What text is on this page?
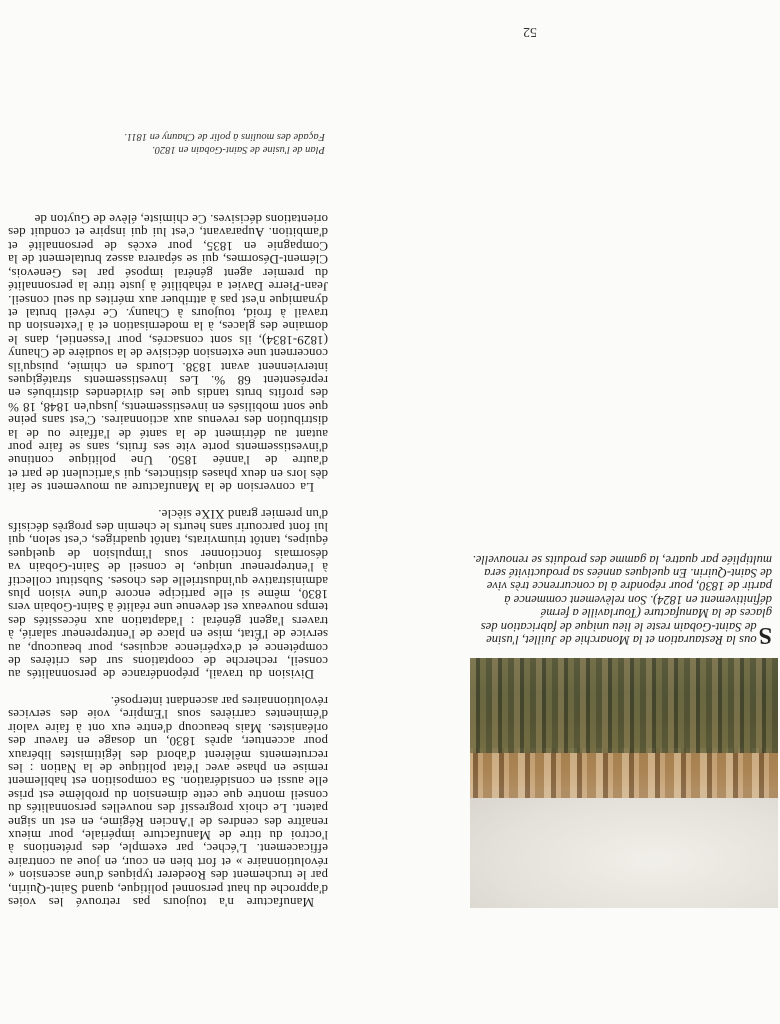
52

Manufacture n'a toujours pas retrouvé les voies d'approche du haut personnel politique, quand Saint-Quirin, par le truchement des Roederer typiques d'une ascension « révolutionnaire » et fort bien en cour, en joue au contraire efficacement. L'échec, par exemple, des prétentions à l'octroi du titre de Manufacture impériale, pour mieux renaître des cendres de l'Ancien Régime, en est un signe patent. Le choix progressif des nouvelles personnalités du conseil montre que cette dimension du problème est prise elle aussi en considération. Sa composition est habilement remise en phase avec l'état politique de la Nation : les recrutements mêlèrent d'abord des légitimistes libéraux pour accentuer, après 1830, un dosage en faveur des orléanistes. Mais beaucoup d'entre eux ont à faire valoir d'éminentes carrières sous l'Empire, voie des services révolutionnaires par ascendant interposé.

Division du travail, prépondérance de personnalités au conseil, recherche de cooptations sur des critères de compétence et d'expérience acquises, pour beaucoup, au service de l'État, mise en place de l'entrepreneur salarié, à travers l'agent général : l'adaptation aux nécessités des temps nouveaux est devenue une réalité à Saint-Gobain vers 1830, même si elle participe encore d'une vision plus administrative qu'industrielle des choses. Substitut collectif à l'entrepreneur unique, le conseil de Saint-Gobain va désormais fonctionner sous l'impulsion de quelques équipes, tantôt triumvirats, tantôt quadriges, c'est selon, qui lui font parcourir sans heurts le chemin des progrès décisifs d'un premier grand XIXe siècle.

La conversion de la Manufacture au mouvement se fait dès lors en deux phases distinctes, qui s'articulent de part et d'autre de l'année 1850. Une politique continue d'investissements porte vite ses fruits, sans se faire pour autant au détriment de la santé de l'affaire ou de la distribution des revenus aux actionnaires. C'est sans peine que sont mobilisés en investissements, jusqu'en 1848, 18 % des profits bruts tandis que les dividendes distribués en représentent 68 %. Les investissements stratégiques interviennent avant 1838. Lourds en chimie, puisqu'ils concernent une extension décisive de la soudière de Chauny (1829-1834), ils sont consacrés, pour l'essentiel, dans le domaine des glaces, à la modernisation et à l'extension du travail à froid, toujours à Chauny. Ce réveil brutal et dynamique n'est pas à attribuer aux mérites du seul conseil. Jean-Pierre Daviet a réhabilité à juste titre la personnalité du premier agent général imposé par les Genevois, Clément-Désormes, qui se séparera assez brutalement de la Compagnie en 1835, pour excès de personnalité et d'ambition. Auparavant, c'est lui qui inspire et conduit des orientations décisives. Ce chimiste, élève de Guyton de

Plan de l'usine de Saint-Gobain en 1820.

Façade des moulins à polir de Chauny en 1811.

S
ous la Restauration et la Monarchie de Juillet, l'usine de Saint-Gobain reste le lieu unique de fabrication des glaces de la Manufacture (Tourlaville a fermé définitivement en 1824). Son relèvement commence à partir de 1830, pour répondre à la concurrence très vive de Saint-Quirin. En quelques années sa productivité sera multipliée par quatre, la gamme des produits se renouvelle.
